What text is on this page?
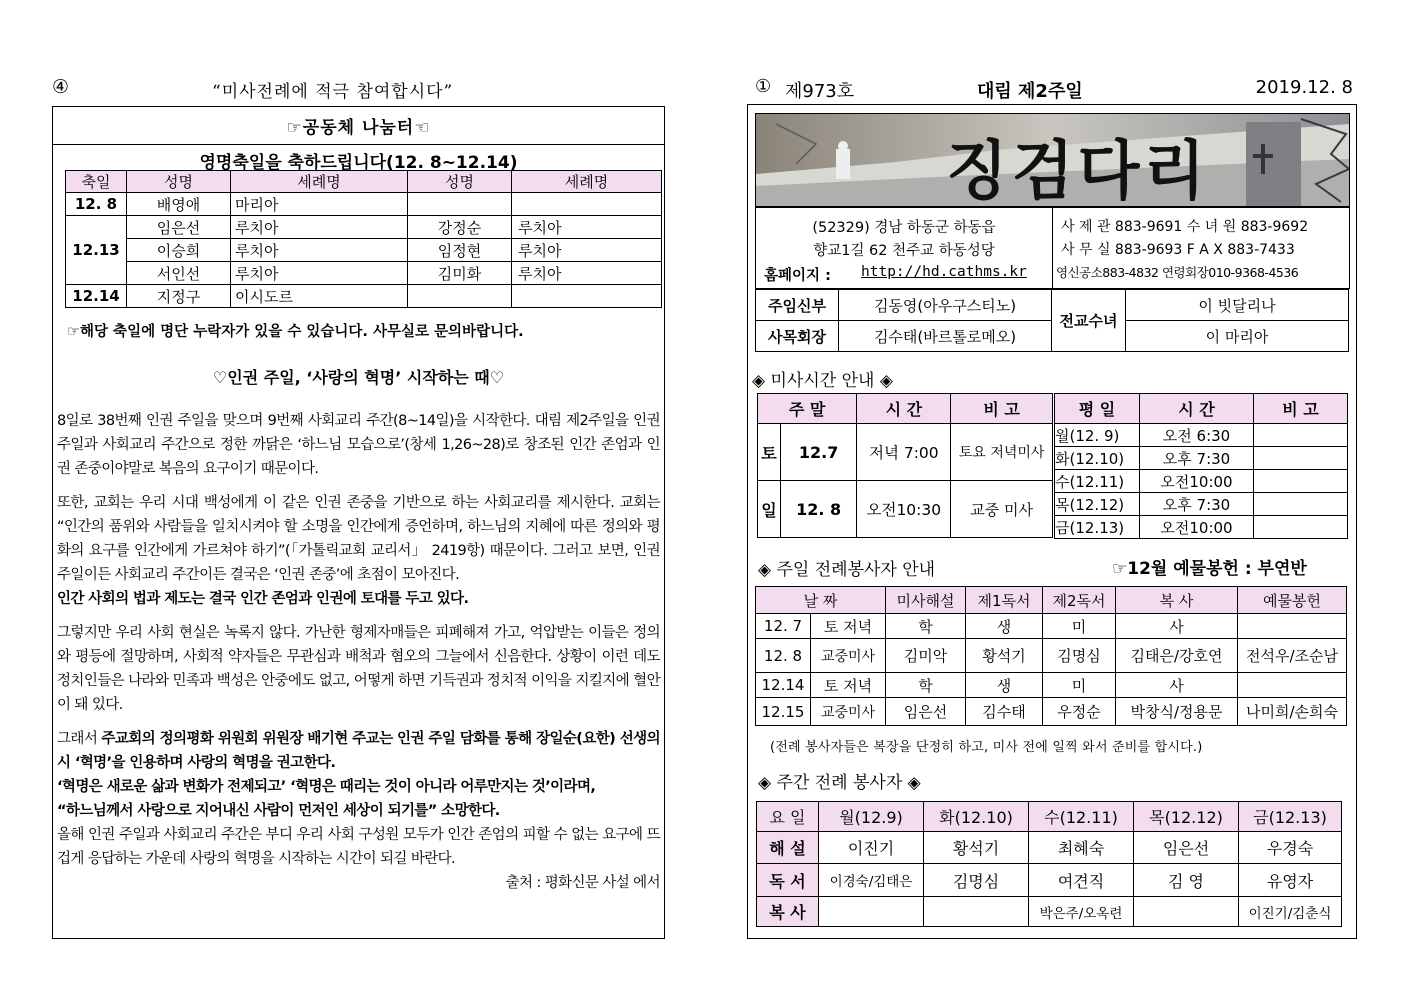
④	“미사전례에 적극 참여합시다”
☞공동체 나눔터☜
영명축일을 축하드립니다(12. 8~12.14)
축일	성명	세례명	성명	세례명
12. 8	배영애	마리아		
12.13	임은선	루치아	강정순	루치아
	이승희	루치아	임정현	루치아
	서인선	루치아	김미화	루치아
12.14	지정구	이시도르		
☞해당 축일에 명단 누락자가 있을 수 있습니다. 사무실로 문의바랍니다.
♡인권 주일, ‘사랑의 혁명’ 시작하는 때♡

8일로 38번째 인권 주일을 맞으며 9번째 사회교리 주간(8~14일)을 시작한다. 대림 제2주일을 인권 주일과 사회교리 주간으로 정한 까닭은 ‘하느님 모습으로’(창세 1,26~28)로 창조된 인간 존엄과 인권 존중이야말로 복음의 요구이기 때문이다.

또한, 교회는 우리 시대 백성에게 이 같은 인권 존중을 기반으로 하는 사회교리를 제시한다. 교회는 “인간의 품위와 사람들을 일치시켜야 할 소명을 인간에게 증언하며, 하느님의 지혜에 따른 정의와 평화의 요구를 인간에게 가르쳐야 하기”(「가톨릭교회 교리서」 2419항) 때문이다. 그러고 보면, 인권 주일이든 사회교리 주간이든 결국은 ‘인권 존중’에 초점이 모아진다.

인간 사회의 법과 제도는 결국 인간 존엄과 인권에 토대를 두고 있다.

그렇지만 우리 사회 현실은 녹록지 않다. 가난한 형제자매들은 피폐해져 가고, 억압받는 이들은 정의와 평등에 절망하며, 사회적 약자들은 무관심과 배척과 혐오의 그늘에서 신음한다. 상황이 이런 데도 정치인들은 나라와 민족과 백성은 안중에도 없고, 어떻게 하면 기득권과 정치적 이익을 지킬지에 혈안이 돼 있다.

그래서 주교회의 정의평화 위원회 위원장 배기현 주교는 인권 주일 담화를 통해 장일순(요한) 선생의 시 ‘혁명’을 인용하며 사랑의 혁명을 권고한다.

‘혁명은 새로운 삶과 변화가 전제되고’ ‘혁명은 때리는 것이 아니라 어루만지는 것’이라며,

“하느님께서 사랑으로 지어내신 사람이 먼저인 세상이 되기를” 소망한다.

올해 인권 주일과 사회교리 주간은 부디 우리 사회 구성원 모두가 인간 존엄의 피할 수 없는 요구에 뜨겁게 응답하는 가운데 사랑의 혁명을 시작하는 시간이 되길 바란다.

출처 : 평화신문 사설 에서

① 제973호	대림 제2주일	2019.12. 8
징검다리
(52329) 경남 하동군 하동읍
향교1길 62 천주교 하동성당
홈페이지 : http://hd.cathms.kr
사 제 관 883-9691 수 녀 원 883-9692
사 무 실 883-9693 F A X 883-7433
영신공소883-4832 연령회장010-9368-4536
주임신부	김동영(아우구스티노)	전교수녀	이 빗달리나
사목회장	김수태(바르톨로메오)		이 마리아
◈ 미사시간 안내 ◈
주 말		시 간	비 고
토	12.7	저녁 7:00	토요 저녁미사
일	12. 8	오전10:30	교중 미사
평 일	시 간	비 고
월(12. 9)	오전 6:30	
화(12.10)	오후 7:30	
수(12.11)	오전10:00	
목(12.12)	오후 7:30	
금(12.13)	오전10:00	
◈ 주일 전례봉사자 안내	☞12월 예물봉헌 : 부연반
날 짜		미사해설	제1독서	제2독서	복 사	예물봉헌
12. 7	토 저녁	학	생	미	사	
12. 8	교중미사	김미악	황석기	김명심	김태은/강호연	전석우/조순남
12.14	토 저녁	학	생	미	사	
12.15	교중미사	임은선	김수태	우정순	박창식/정용문	나미희/손희숙
(전례 봉사자들은 복장을 단정히 하고, 미사 전에 일찍 와서 준비를 합시다.)
◈ 주간 전례 봉사자 ◈
요 일	월(12.9)	화(12.10)	수(12.11)	목(12.12)	금(12.13)
해 설	이진기	황석기	최혜숙	임은선	우경숙
독 서	이경숙/김태은	김명심	여견직	김 영	유영자
복 사			박은주/오옥련		이진기/김춘식
